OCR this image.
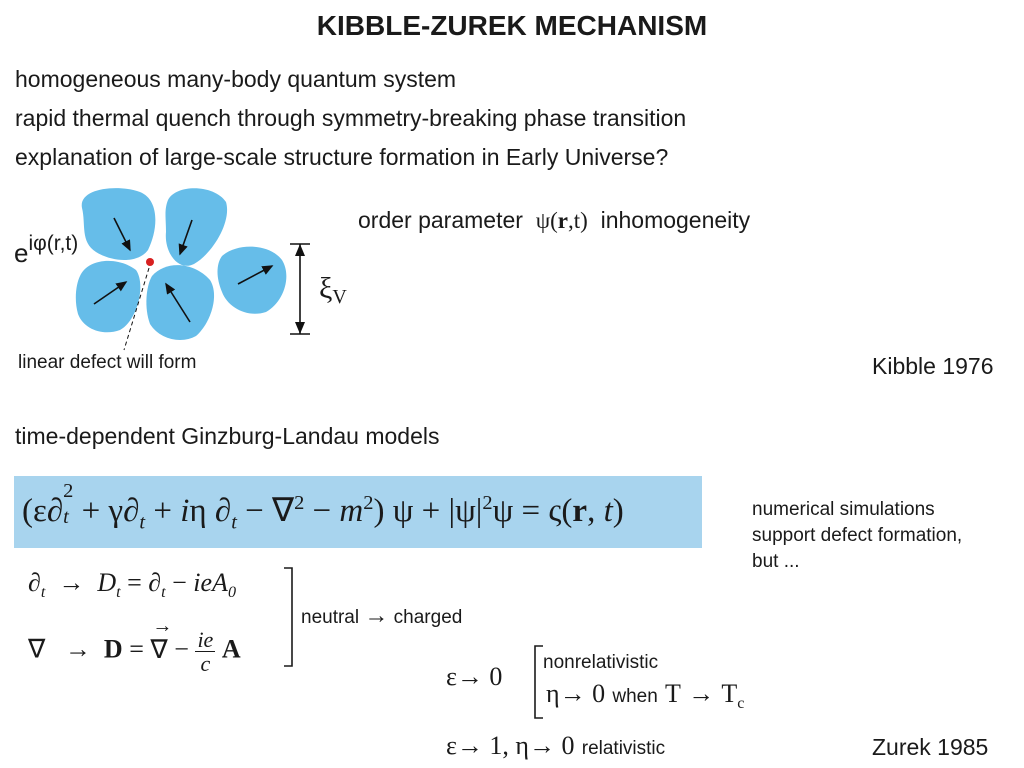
KIBBLE-ZUREK MECHANISM
homogeneous many-body quantum system
rapid thermal quench through symmetry-breaking phase transition
explanation of large-scale structure formation in Early Universe?
$e^{i\varphi(r,t)}$
ξV
linear defect will form
order parameter ψ(r,t) inhomogeneity
Kibble 1976
time-dependent Ginzburg-Landau models
(ε∂
2
$t + \gamma\partial_t + i\eta$ $\partial_t - \nabla^2 - m^2$) $\psi + |\psi|^2\psi = \varsigma(r$, t)	numerical simulations
support defect formation,
but ...
$\partial_t \to D_t = \partial_t - ieA_0$
∇ → D =
→
∇ − $\frac{ie}{c}$ A
neutral → charged
ε→ 0 nonrelativistic
η→ 0 when $T \to T_c$
ε→ 1, η→ 0 relativistic	Zurek 1985
